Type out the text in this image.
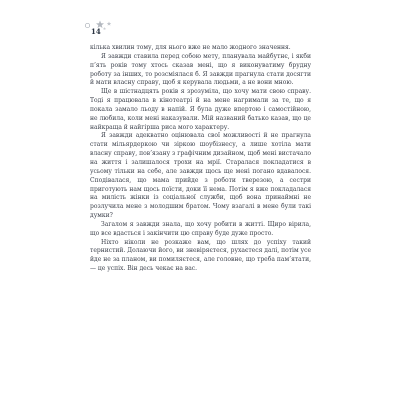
14

кілька хвилин тому, для нього вже не мало жодного значення.

Я завжди ставила перед собою мету, планувала майбутнє, і якби п’ять років тому хтось сказав мені, що я виконуватиму брудну роботу за інших, то розсміялася б. Я завжди прагнула стати досягти й мати власну справу, щоб я керувала людьми, а не вони мною.

Ще в шістнадцять років я зрозуміла, що хочу мати свою справу. Тоді я працювала в кінотеатрі й на мене нагримали за те, що я покала замало льоду в напій. Я була дуже впертою і самостійною, не любила, коли мені наказували. Мій названий батько казав, що це найкраща й найгірша риса мого характеру.

Я завжди адекватно оцінювала свої можливості й не прагнула стати мільярдеркою чи зіркою шоубізнесу, а лише хотіла мати власну справу, пов’язану з графічним дизайном, щоб мені вистачало на життя і залишалося трохи на мрії. Старалася покладатися в усьому тільки на себе, але завжди щось ще мені погано вдавалося. Сподівалася, що мама прийде з роботи тверезою, а сестри приготують нам щось поїсти, доки її нема. Потім я вже покладалася на милість жінки із соціальної служби, щоб вона принаймні не розлучила мене з молодшим братом. Чому взагалі в мене були такі думки?

Загалом я завжди знала, що хочу робити в житті. Щиро вірила, що все вдасться і закінчити цю справу буде дуже просто.

Ніхто ніколи не розкаже вам, що шлях до успіху такий тернистий. Долаючи його, ви зневіряєтеся, рухаєтеся далі, потім усе йде не за планом, ви помиляєтеся, але головне, що треба пам’ятати, — це успіх. Він десь чекає на вас.
